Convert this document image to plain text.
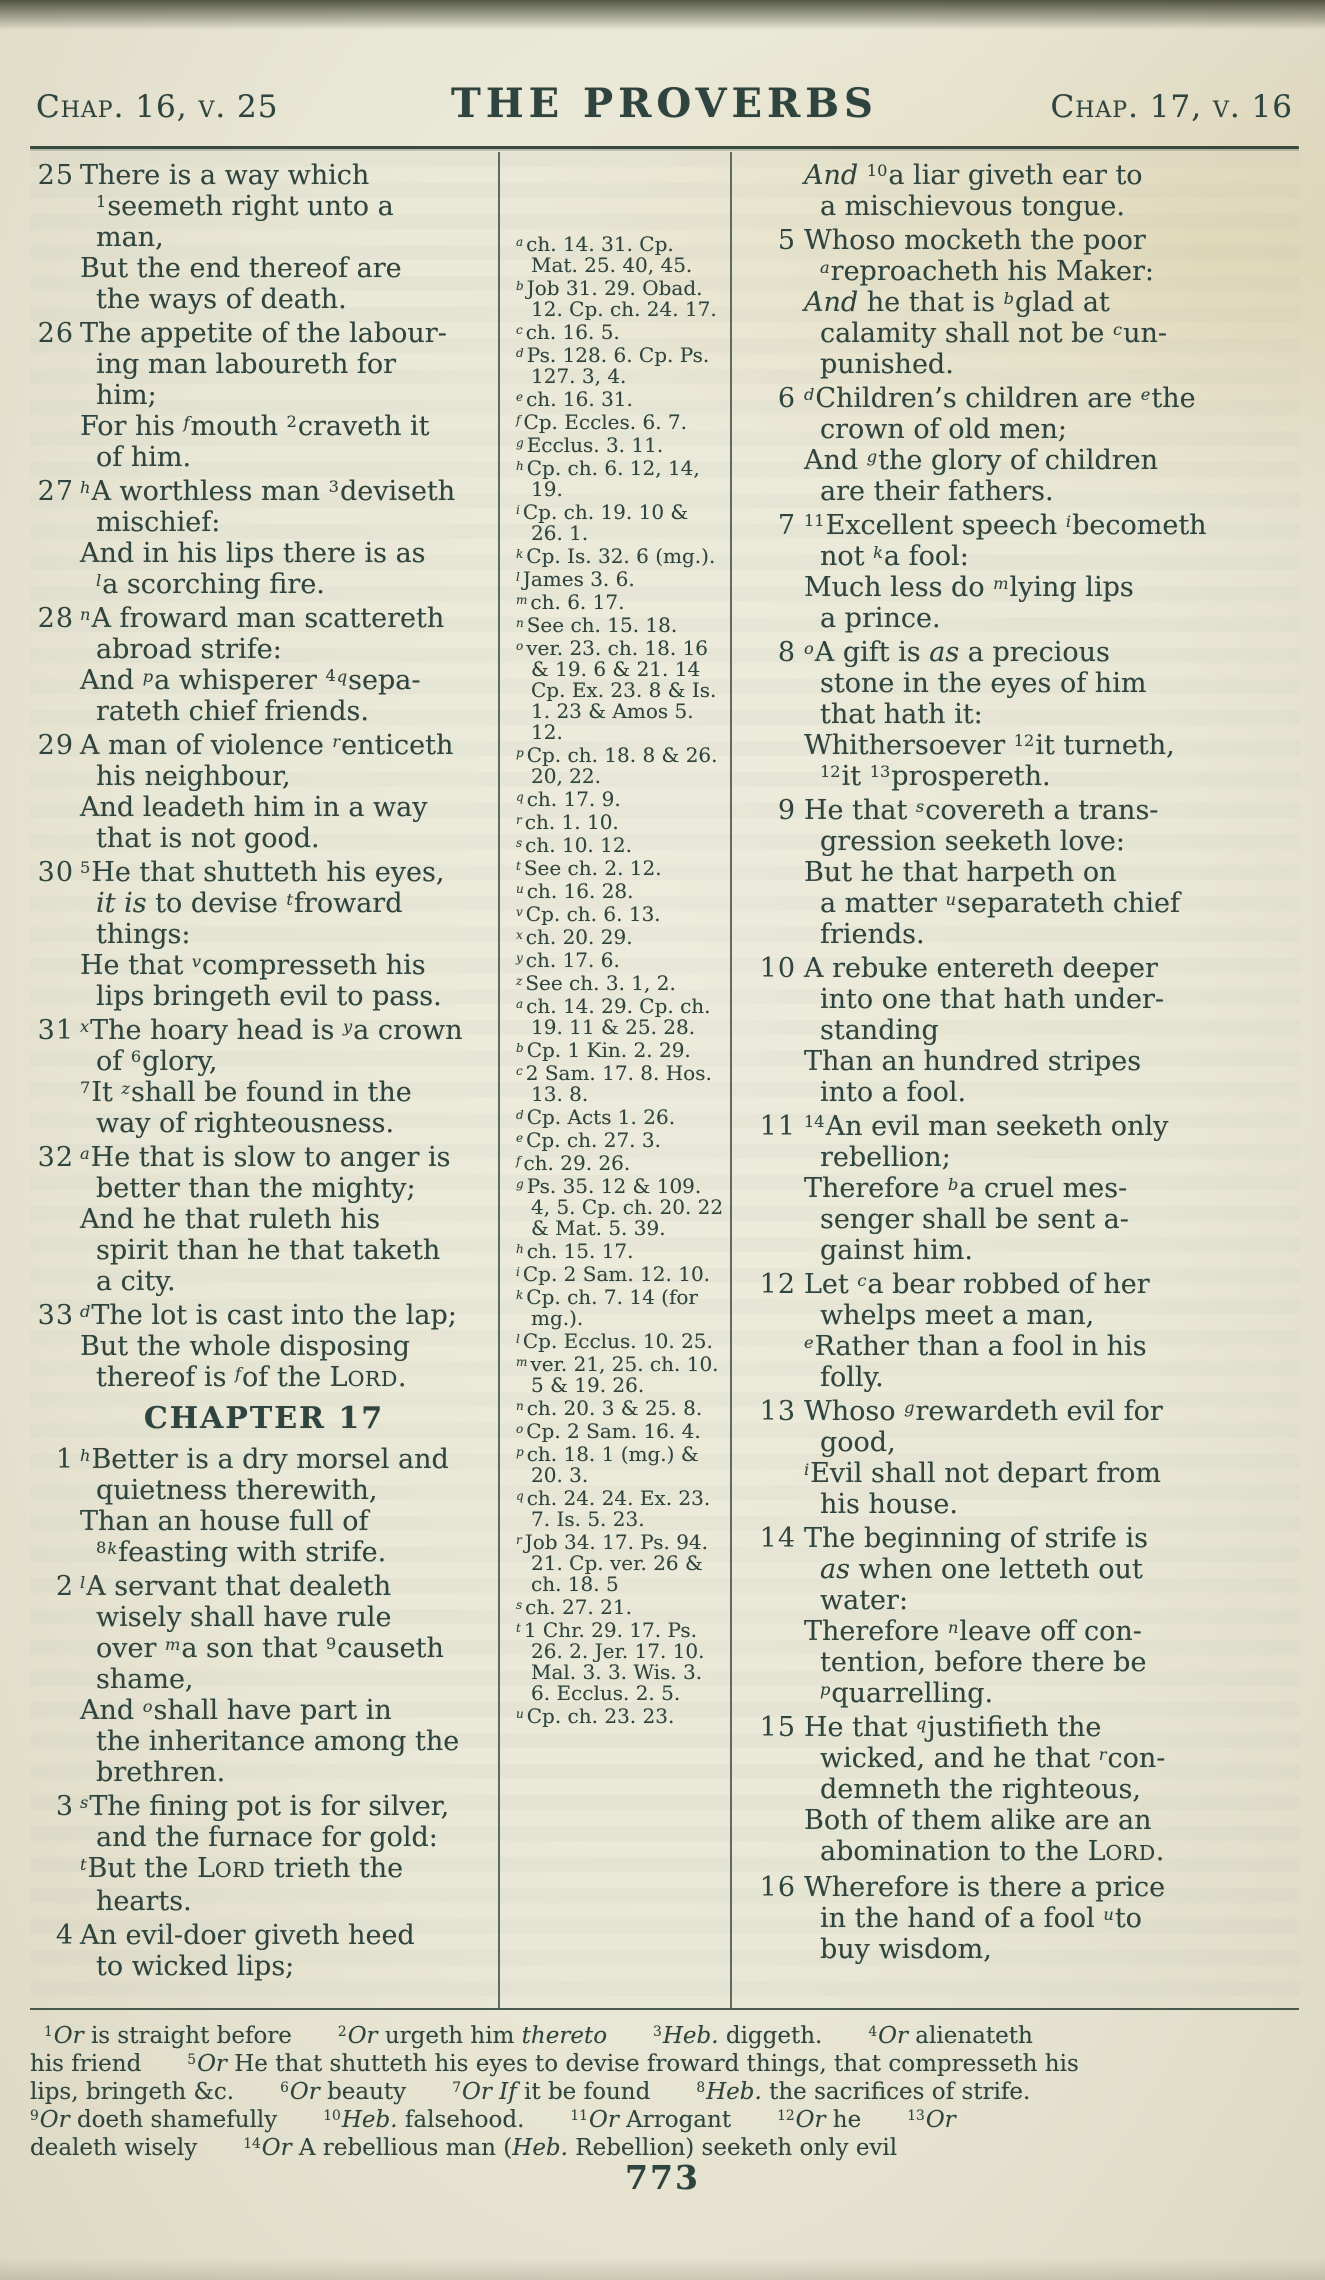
Chap. 16, v. 25	THE PROVERBS	Chap. 17, v. 16
25 There is a way which
$^1$seemeth right unto a
man,
But the end thereof are
the ways of death.
26 The appetite of the labour-
ing man laboureth for
him;
For his $^f$mouth $^2$craveth it
of him.
27 $^h$A worthless man $^3$deviseth
mischief:
And in his lips there is as
$^l$a scorching fire.
28 $^n$A froward man scattereth
abroad strife:
And $^p$a whisperer $^{4q}$sepa-
rateth chief friends.
29 A man of violence $^r$enticeth
his neighbour,
And leadeth him in a way
that is not good.
30 $^5$He that shutteth his eyes,
it is to devise $^t$froward
things:
He that $^v$compresseth his
lips bringeth evil to pass.
31 $^x$The hoary head is $^y$a crown
of $^6$glory,
$^7$It $^z$shall be found in the
way of righteousness.
32 $^a$He that is slow to anger is
better than the mighty;
And he that ruleth his
spirit than he that taketh
a city.
33 $^d$The lot is cast into the lap;
But the whole disposing
thereof is $^f$of the LORD.
CHAPTER 17
1 $^h$Better is a dry morsel and
quietness therewith,
Than an house full of
$^{8k}$feasting with strife.
2 $^l$A servant that dealeth
wisely shall have rule
over $^m$a son that $^9$causeth
shame,
And $^o$shall have part in
the inheritance among the
brethren.
3 $^s$The fining pot is for silver,
and the furnace for gold:
$^t$But the LORD trieth the
hearts.
4 An evil-doer giveth heed
to wicked lips;
$^a$ ch. 14. 31. Cp. Mat. 25. 40, 45.
$^b$ Job 31. 29. Obad. 12. Cp. ch. 24. 17.
$^c$ ch. 16. 5.
$^d$ Ps. 128. 6. Cp. Ps. 127. 3, 4.
$^e$ ch. 16. 31.
$^f$ Cp. Eccles. 6. 7.
$^g$ Ecclus. 3. 11.
$^h$ Cp. ch. 6. 12, 14, 19.
$^i$ Cp. ch. 19. 10 & 26. 1.
$^k$ Cp. Is. 32. 6 (mg.).
$^l$ James 3. 6.
$^m$ ch. 6. 17.
$^n$ See ch. 15. 18.
$^o$ ver. 23. ch. 18. 16 & 19. 6 & 21. 14 Cp. Ex. 23. 8 & Is. 1. 23 & Amos 5. 12.
$^p$ Cp. ch. 18. 8 & 26. 20, 22.
$^q$ ch. 17. 9.
$^r$ ch. 1. 10.
$^s$ ch. 10. 12.
$^t$ See ch. 2. 12.
$^u$ ch. 16. 28.
$^v$ Cp. ch. 6. 13.
$^x$ ch. 20. 29.
$^y$ ch. 17. 6.
$^z$ See ch. 3. 1, 2.
$^a$ ch. 14. 29. Cp. ch. 19. 11 & 25. 28.
$^b$ Cp. 1 Kin. 2. 29.
$^c$ 2 Sam. 17. 8. Hos. 13. 8.
$^d$ Cp. Acts 1. 26.
$^e$ Cp. ch. 27. 3.
$^f$ ch. 29. 26.
$^g$ Ps. 35. 12 & 109. 4, 5. Cp. ch. 20. 22 & Mat. 5. 39.
$^h$ ch. 15. 17.
$^i$ Cp. 2 Sam. 12. 10.
$^k$ Cp. ch. 7. 14 (for mg.).
$^l$ Cp. Ecclus. 10. 25.
$^m$ ver. 21, 25. ch. 10. 5 & 19. 26.
$^n$ ch. 20. 3 & 25. 8.
$^o$ Cp. 2 Sam. 16. 4.
$^p$ ch. 18. 1 (mg.) & 20. 3.
$^q$ ch. 24. 24. Ex. 23. 7. Is. 5. 23.
$^r$ Job 34. 17. Ps. 94. 21. Cp. ver. 26 & ch. 18. 5
$^s$ ch. 27. 21.
$^t$ 1 Chr. 29. 17. Ps. 26. 2. Jer. 17. 10. Mal. 3. 3. Wis. 3. 6. Ecclus. 2. 5.
$^u$ Cp. ch. 23. 23.
And $^{10}$a liar giveth ear to
a mischievous tongue.
5 Whoso mocketh the poor
$^a$reproacheth his Maker:
And he that is $^b$glad at
calamity shall not be $^c$un-
punished.
6 $^d$Children’s children are $^e$the
crown of old men;
And $^g$the glory of children
are their fathers.
7 $^{11}$Excellent speech $^i$becometh
not $^k$a fool:
Much less do $^m$lying lips
a prince.
8 $^o$A gift is as a precious
stone in the eyes of him
that hath it:
Whithersoever $^{12}$it turneth,
$^{12}$it $^{13}$prospereth.
9 He that $^s$covereth a trans-
gression seeketh love:
But he that harpeth on
a matter $^u$separateth chief
friends.
10 A rebuke entereth deeper
into one that hath under-
standing
Than an hundred stripes
into a fool.
11 $^{14}$An evil man seeketh only
rebellion;
Therefore $^b$a cruel mes-
senger shall be sent a-
gainst him.
12 Let $^c$a bear robbed of her
whelps meet a man,
$^e$Rather than a fool in his
folly.
13 Whoso $^g$rewardeth evil for
good,
$^i$Evil shall not depart from
his house.
14 The beginning of strife is
as when one letteth out
water:
Therefore $^n$leave off con-
tention, before there be
$^p$quarrelling.
15 He that $^q$justifieth the
wicked, and he that $^r$con-
demneth the righteous,
Both of them alike are an
abomination to the LORD.
16 Wherefore is there a price
in the hand of a fool $^u$to
buy wisdom,
$^1$Or is straight before    $^2$Or urgeth him thereto    	$^3$Heb. diggeth.    $^4$Or alienateth
his friend    $^5$Or He that shutteth his eyes to devise froward things, that compresseth his
lips, bringeth &c.    $^6$Or beauty    $^7$Or If it be found    $^8$Heb. the sacrifices of strife.
$^9$Or doeth shamefully    $^{10}$Heb. falsehood.    $^{11}$Or Arrogant    $^{12}$Or he    $^{13}$Or
dealeth wisely    $^{14}$Or A rebellious man (Heb. Rebellion) seeketh only evil
773
